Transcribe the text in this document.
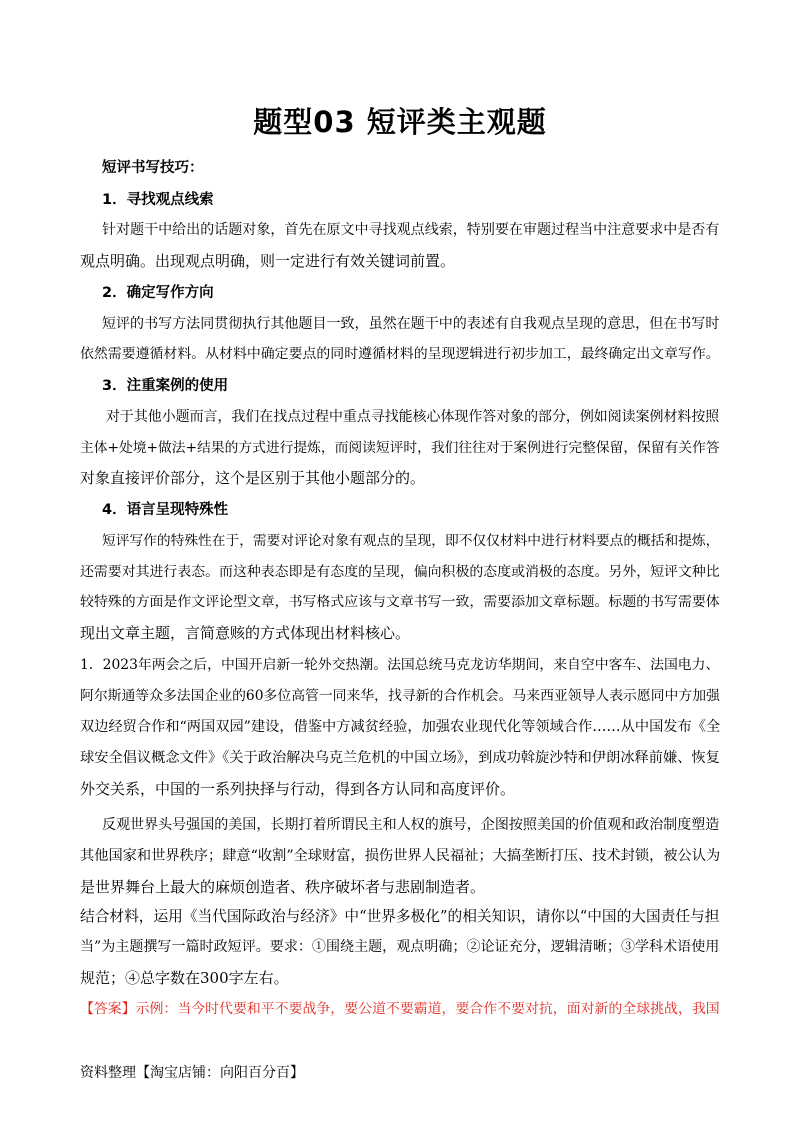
题型03 短评类主观题
短评书写技巧：
1．寻找观点线索
针对题干中给出的话题对象，首先在原文中寻找观点线索，特别要在审题过程当中注意要求中是否有
观点明确。出现观点明确，则一定进行有效关键词前置。
2．确定写作方向
短评的书写方法同贯彻执行其他题目一致，虽然在题干中的表述有自我观点呈现的意思，但在书写时
依然需要遵循材料。从材料中确定要点的同时遵循材料的呈现逻辑进行初步加工，最终确定出文章写作。
3．注重案例的使用
对于其他小题而言，我们在找点过程中重点寻找能核心体现作答对象的部分，例如阅读案例材料按照
主体+处境+做法+结果的方式进行提炼，而阅读短评时，我们往往对于案例进行完整保留，保留有关作答
对象直接评价部分，这个是区别于其他小题部分的。
4．语言呈现特殊性
短评写作的特殊性在于，需要对评论对象有观点的呈现，即不仅仅材料中进行材料要点的概括和提炼，
还需要对其进行表态。而这种表态即是有态度的呈现，偏向积极的态度或消极的态度。另外，短评文种比
较特殊的方面是作文评论型文章，书写格式应该与文章书写一致，需要添加文章标题。标题的书写需要体
现出文章主题，言简意赅的方式体现出材料核心。
1．2023年两会之后，中国开启新一轮外交热潮。法国总统马克龙访华期间，来自空中客车、法国电力、
阿尔斯通等众多法国企业的60多位高管一同来华，找寻新的合作机会。马来西亚领导人表示愿同中方加强
双边经贸合作和“两国双园”建设，借鉴中方减贫经验，加强农业现代化等领域合作……从中国发布《全
球安全倡议概念文件》《关于政治解决乌克兰危机的中国立场》，到成功斡旋沙特和伊朗冰释前嫌、恢复
外交关系，中国的一系列抉择与行动，得到各方认同和高度评价。
反观世界头号强国的美国，长期打着所谓民主和人权的旗号，企图按照美国的价值观和政治制度塑造
其他国家和世界秩序；肆意“收割”全球财富，损伤世界人民福祉；大搞垄断打压、技术封锁，被公认为
是世界舞台上最大的麻烦创造者、秩序破坏者与悲剧制造者。
结合材料，运用《当代国际政治与经济》中“世界多极化”的相关知识，请你以“中国的大国责任与担
当”为主题撰写一篇时政短评。要求：①围绕主题，观点明确；②论证充分，逻辑清晰；③学科术语使用
规范；④总字数在300字左右。
【答案】示例：当今时代要和平不要战争，要公道不要霸道，要合作不要对抗，面对新的全球挑战，我国
资料整理【淘宝店铺：向阳百分百】
